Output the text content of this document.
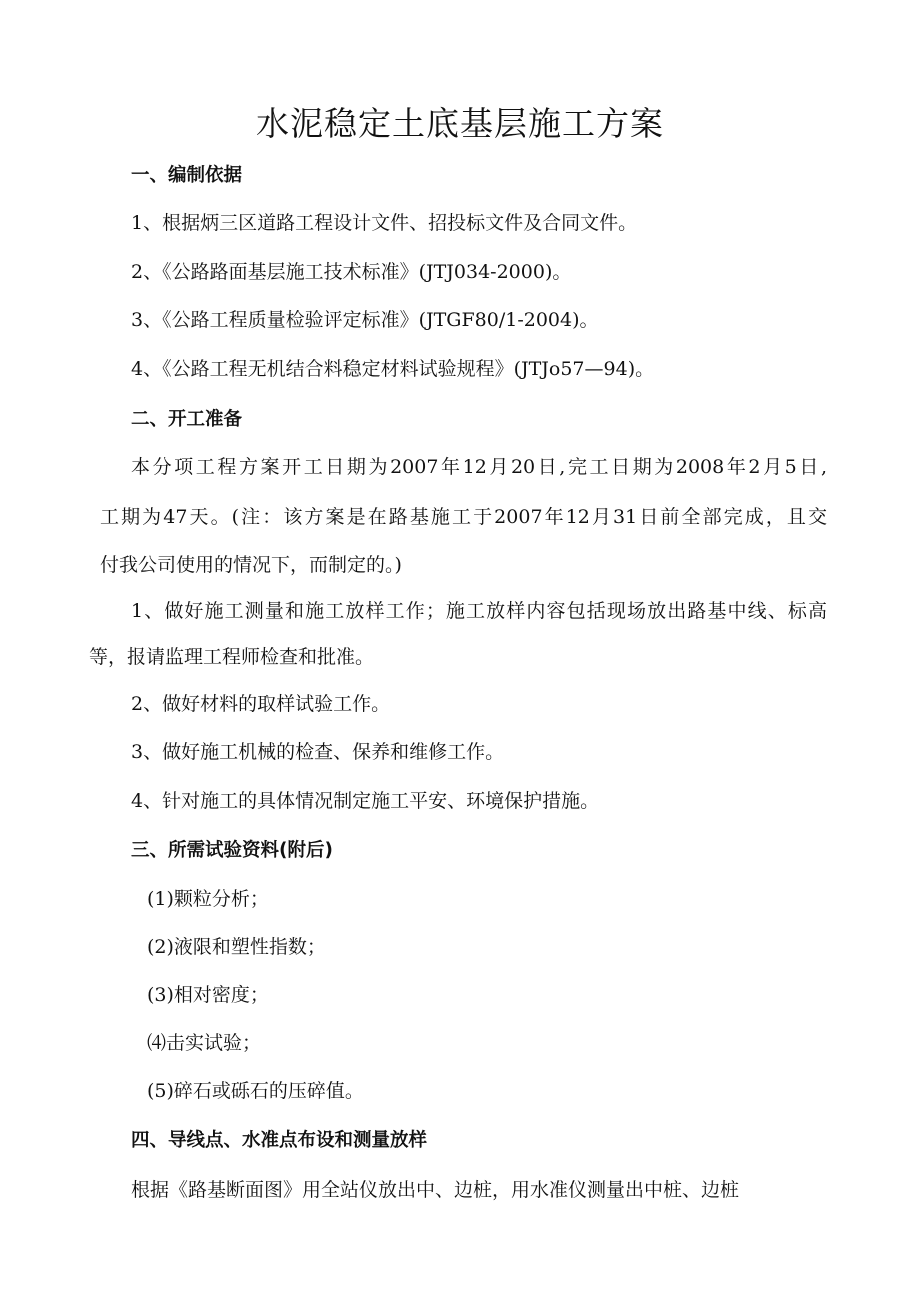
水泥稳定土底基层施工方案
一、编制依据
1、根据炳三区道路工程设计文件、招投标文件及合同文件。
2、《公路路面基层施工技术标准》(JTJ034-2000)。
3、《公路工程质量检验评定标准》(JTGF80/1-2004)。
4、《公路工程无机结合料稳定材料试验规程》(JTJo57—94)。
二、开工准备
本分项工程方案开工日期为2007年12月20日,完工日期为2008年2月5日,
工期为47天。(注：该方案是在路基施工于2007年12月31日前全部完成，且交
付我公司使用的情况下，而制定的。)
1、做好施工测量和施工放样工作；施工放样内容包括现场放出路基中线、标高
等，报请监理工程师检查和批准。
2、做好材料的取样试验工作。
3、做好施工机械的检查、保养和维修工作。
4、针对施工的具体情况制定施工平安、环境保护措施。
三、所需试验资料(附后)
(1)颗粒分析；
(2)液限和塑性指数；
(3)相对密度；
⑷击实试验；
(5)碎石或砾石的压碎值。
四、导线点、水准点布设和测量放样
根据《路基断面图》用全站仪放出中、边桩，用水准仪测量出中桩、边桩
